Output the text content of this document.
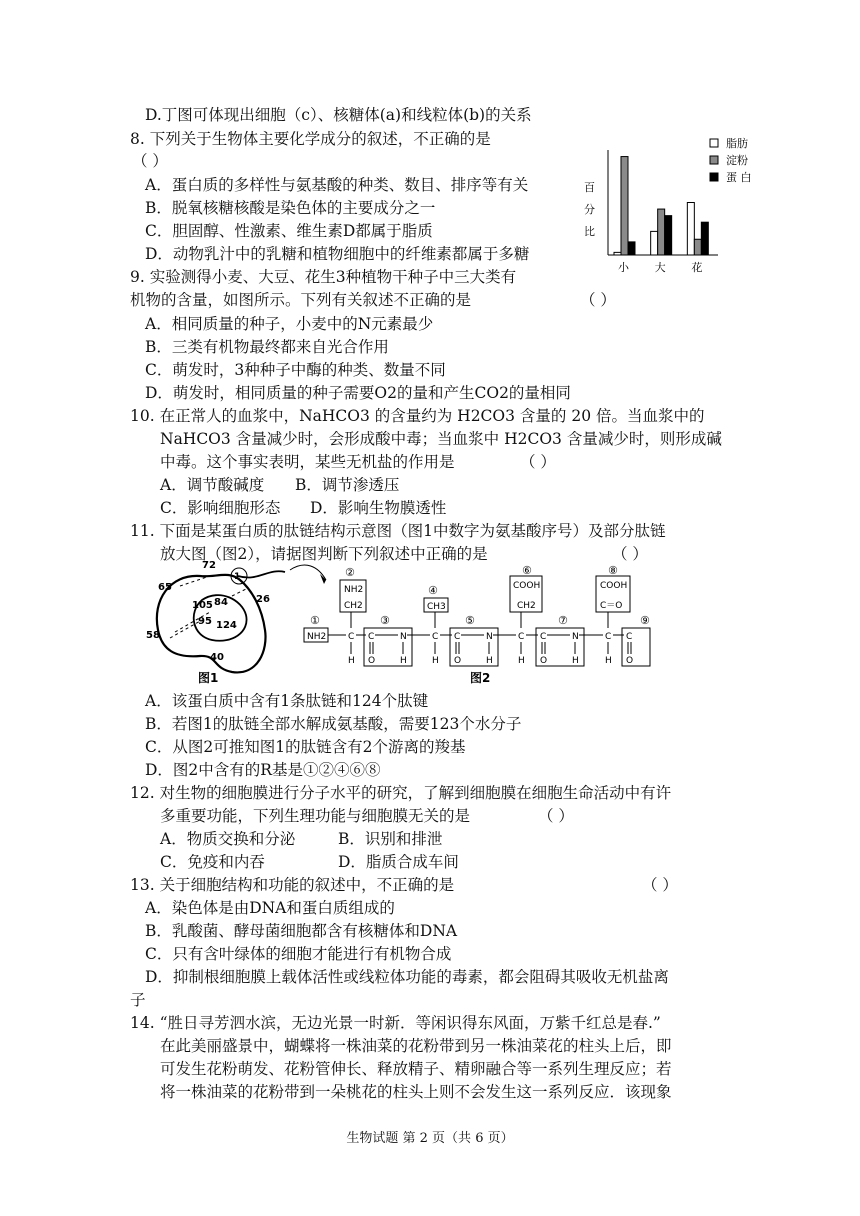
D.丁图可体现出细胞（c）、核糖体(a)和线粒体(b)的关系
8. 下列关于生物体主要化学成分的叙述，不正确的是
（ ）
A．蛋白质的多样性与氨基酸的种类、数目、排序等有关
B．脱氧核糖核酸是染色体的主要成分之一
C．胆固醇、性激素、维生素D都属于脂质
D．动物乳汁中的乳糖和植物细胞中的纤维素都属于多糖
脂肪
淀粉
蛋 白
百
分
比
小 大 花
9. 实验测得小麦、大豆、花生3种植物干种子中三大类有
机物的含量，如图所示。下列有关叙述不正确的是	（ ）
A．相同质量的种子，小麦中的N元素最少
B．三类有机物最终都来自光合作用
C．萌发时，3种种子中酶的种类、数量不同
D．萌发时，相同质量的种子需要O2的量和产生CO2的量相同
10. 在正常人的血浆中，NaHCO3 的含量约为 H2CO3 含量的 20 倍。当血浆中的
NaHCO3 含量减少时，会形成酸中毒；当血浆中 H2CO3 含量减少时，则形成碱
中毒。这个事实表明，某些无机盐的作用是	（ ）
A．调节酸碱度 B．调节渗透压
C．影响细胞形态 D．影响生物膜透性
11. 下面是某蛋白质的肽链结构示意图（图1中数字为氨基酸序号）及部分肽链
放大图（图2），请据图判断下列叙述中正确的是	（ ）
72
65
1
105 84	26
95 124
58
40
图1
①
②
③
④
⑤
⑥
⑦
⑧
⑨
NH2
CH2	CH3
COOH
CH2
COOH
C＝O
NH2 C	C	C	C
H	H	H	H
C	N
O	H
C	N
O	H
C	N
O	H
C
O
图2
A．该蛋白质中含有1条肽链和124个肽键
B．若图1的肽链全部水解成氨基酸，需要123个水分子
C．从图2可推知图1的肽链含有2个游离的羧基
D．图2中含有的R基是①②④⑥⑧
12. 对生物的细胞膜进行分子水平的研究，了解到细胞膜在细胞生命活动中有许
多重要功能，下列生理功能与细胞膜无关的是	（ ）
A．物质交换和分泌	B．识别和排泄
C．免疫和内吞	D．脂质合成车间
13. 关于细胞结构和功能的叙述中，不正确的是	（ ）
A．染色体是由DNA和蛋白质组成的
B．乳酸菌、酵母菌细胞都含有核糖体和DNA
C．只有含叶绿体的细胞才能进行有机物合成
D．抑制根细胞膜上载体活性或线粒体功能的毒素，都会阻碍其吸收无机盐离
子
14. “胜日寻芳泗水滨，无边光景一时新．等闲识得东风面，万紫千红总是春.”
在此美丽盛景中，蝴蝶将一株油菜的花粉带到另一株油菜花的柱头上后，即
可发生花粉萌发、花粉管伸长、释放精子、精卵融合等一系列生理反应；若
将一株油菜的花粉带到一朵桃花的柱头上则不会发生这一系列反应．该现象
生物试题 第 2 页（共 6 页）
